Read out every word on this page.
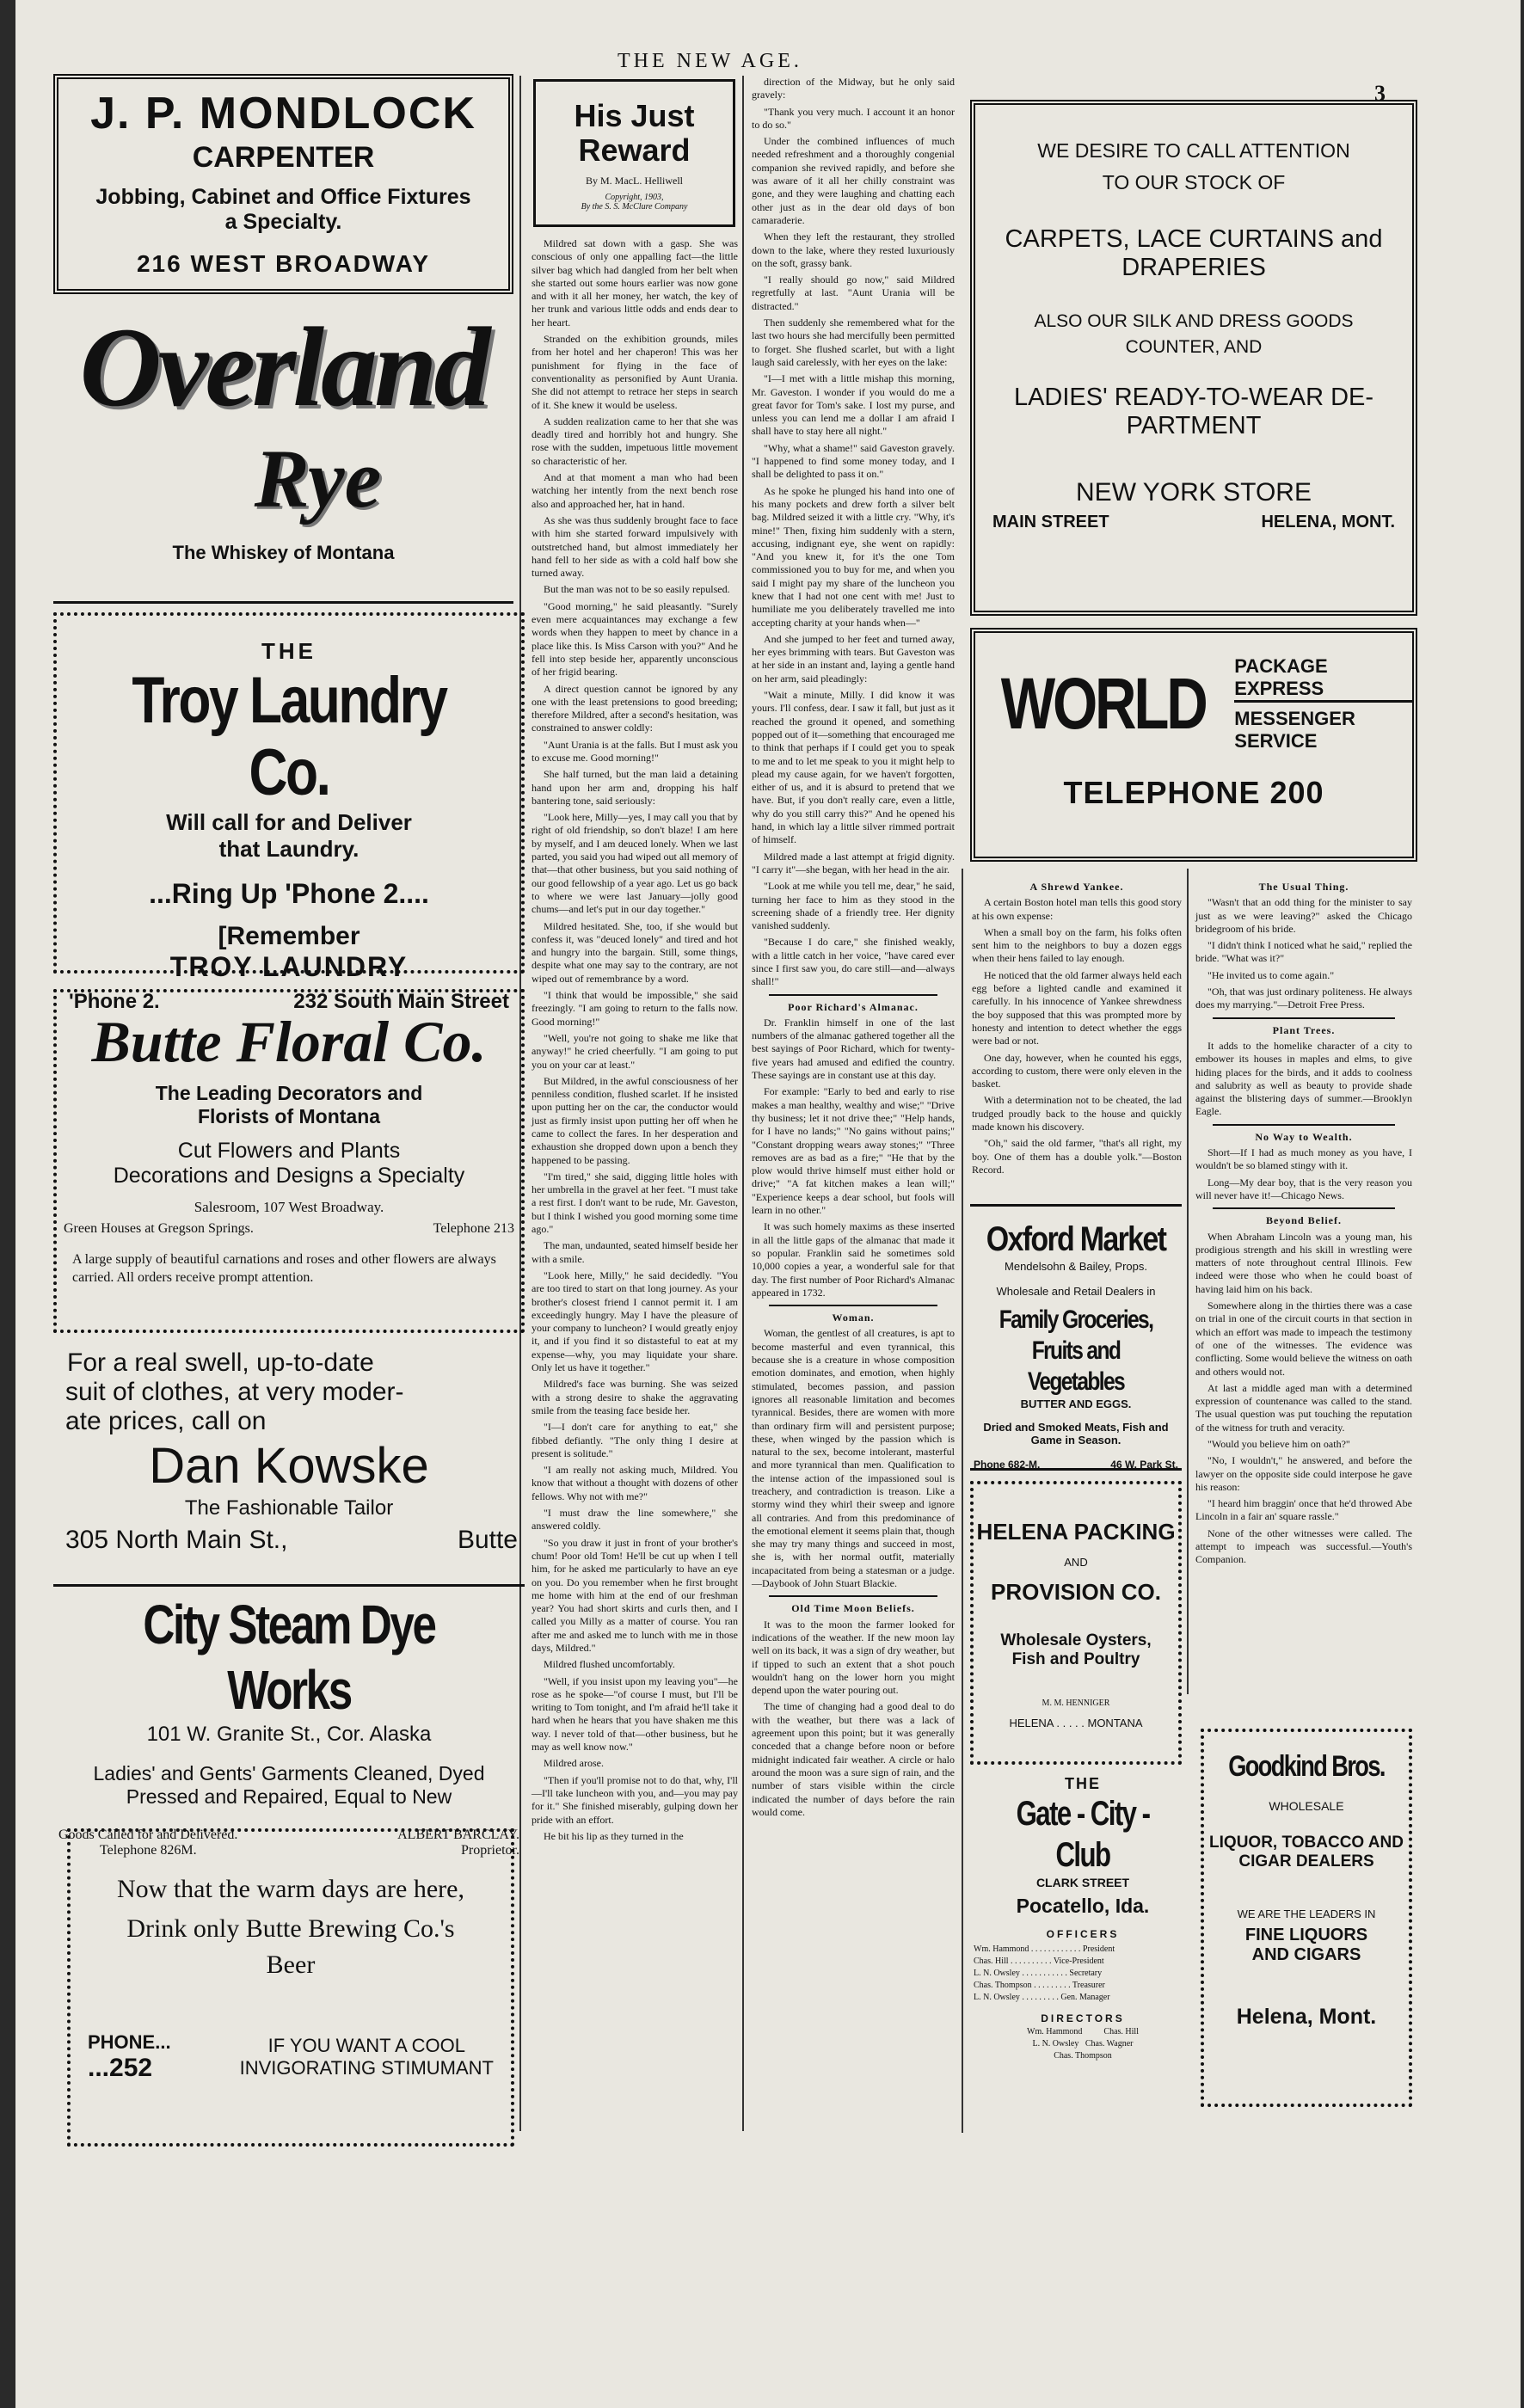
THE NEW AGE.
3
J. P. MONDLOCK
CARPENTER
Jobbing, Cabinet and Office Fixtures
a Specialty.
216 WEST BROADWAY
Overland
Rye
The Whiskey of Montana
THE
Troy Laundry Co.
Will call for and Deliver
that Laundry.
...Ring Up 'Phone 2....
[Remember
TROY LAUNDRY
'Phone 2.	232 South Main Street
Butte Floral Co.
The Leading Decorators and
Florists of Montana
Cut Flowers and Plants
Decorations and Designs a Specialty
Salesroom, 107 West Broadway.
Green Houses at Gregson Springs.	Telephone 213
A large supply of beautiful carnations and roses and other flowers are always carried. All orders receive prompt attention.
For a real swell, up-to-date
suit of clothes, at very moder-
ate prices, call on
Dan Kowske
The Fashionable Tailor
305 North Main St.,	Butte
City Steam Dye Works
101 W. Granite St., Cor. Alaska
Ladies' and Gents' Garments Cleaned, Dyed
Pressed and Repaired, Equal to New
Goods Called for and Delivered.
Telephone 826M.
ALBERT BARCLAY.
Proprietor.
Now that the warm days are here,
Drink only Butte Brewing Co.'s
Beer
PHONE...
...252
IF YOU WANT A COOL
INVIGORATING STIMUMANT
His Just
Reward
By M. MacL. Helliwell
Copyright, 1903,
By the S. S. McClure Company

Mildred sat down with a gasp. She was conscious of only one appalling fact—the little silver bag which had dangled from her belt when she started out some hours earlier was now gone and with it all her money, her watch, the key of her trunk and various little odds and ends dear to her heart.

Stranded on the exhibition grounds, miles from her hotel and her chaperon! This was her punishment for flying in the face of conventionality as personified by Aunt Urania. She did not attempt to retrace her steps in search of it. She knew it would be useless.

A sudden realization came to her that she was deadly tired and horribly hot and hungry. She rose with the sudden, impetuous little movement so characteristic of her.

And at that moment a man who had been watching her intently from the next bench rose also and approached her, hat in hand.

As she was thus suddenly brought face to face with him she started forward impulsively with outstretched hand, but almost immediately her hand fell to her side as with a cold half bow she turned away.

But the man was not to be so easily repulsed.

"Good morning," he said pleasantly. "Surely even mere acquaintances may exchange a few words when they happen to meet by chance in a place like this. Is Miss Carson with you?" And he fell into step beside her, apparently unconscious of her frigid bearing.

A direct question cannot be ignored by any one with the least pretensions to good breeding; therefore Mildred, after a second's hesitation, was constrained to answer coldly:

"Aunt Urania is at the falls. But I must ask you to excuse me. Good morning!"

She half turned, but the man laid a detaining hand upon her arm and, dropping his half bantering tone, said seriously:

"Look here, Milly—yes, I may call you that by right of old friendship, so don't blaze! I am here by myself, and I am deuced lonely. When we last parted, you said you had wiped out all memory of that—that other business, but you said nothing of our good fellowship of a year ago. Let us go back to where we were last January—jolly good chums—and let's put in our day together."

Mildred hesitated. She, too, if she would but confess it, was "deuced lonely" and tired and hot and hungry into the bargain. Still, some things, despite what one may say to the contrary, are not wiped out of remembrance by a word.

"I think that would be impossible," she said freezingly. "I am going to return to the falls now. Good morning!"

"Well, you're not going to shake me like that anyway!" he cried cheerfully. "I am going to put you on your car at least."

But Mildred, in the awful consciousness of her penniless condition, flushed scarlet. If he insisted upon putting her on the car, the conductor would just as firmly insist upon putting her off when he came to collect the fares. In her desperation and exhaustion she dropped down upon a bench they happened to be passing.

"I'm tired," she said, digging little holes with her umbrella in the gravel at her feet. "I must take a rest first. I don't want to be rude, Mr. Gaveston, but I think I wished you good morning some time ago."

The man, undaunted, seated himself beside her with a smile.

"Look here, Milly," he said decidedly. "You are too tired to start on that long journey. As your brother's closest friend I cannot permit it. I am exceedingly hungry. May I have the pleasure of your company to luncheon? I would greatly enjoy it, and if you find it so distasteful to eat at my expense—why, you may liquidate your share. Only let us have it together."

Mildred's face was burning. She was seized with a strong desire to shake the aggravating smile from the teasing face beside her.

"I—I don't care for anything to eat," she fibbed defiantly. "The only thing I desire at present is solitude."

"I am really not asking much, Mildred. You know that without a thought with dozens of other fellows. Why not with me?"

"I must draw the line somewhere," she answered coldly.

"So you draw it just in front of your brother's chum! Poor old Tom! He'll be cut up when I tell him, for he asked me particularly to have an eye on you. Do you remember when he first brought me home with him at the end of our freshman year? You had short skirts and curls then, and I called you Milly as a matter of course. You ran after me and asked me to lunch with me in those days, Mildred."

Mildred flushed uncomfortably.

"Well, if you insist upon my leaving you"—he rose as he spoke—"of course I must, but I'll be writing to Tom tonight, and I'm afraid he'll take it hard when he hears that you have shaken me this way. I never told of that—other business, but he may as well know now."

Mildred arose.

"Then if you'll promise not to do that, why, I'll—I'll take luncheon with you, and—you may pay for it." She finished miserably, gulping down her pride with an effort.

He bit his lip as they turned in the

direction of the Midway, but he only said gravely:

"Thank you very much. I account it an honor to do so."

Under the combined influences of much needed refreshment and a thoroughly congenial companion she revived rapidly, and before she was aware of it all her chilly constraint was gone, and they were laughing and chatting each other just as in the dear old days of bon camaraderie.

When they left the restaurant, they strolled down to the lake, where they rested luxuriously on the soft, grassy bank.

"I really should go now," said Mildred regretfully at last. "Aunt Urania will be distracted."

Then suddenly she remembered what for the last two hours she had mercifully been permitted to forget. She flushed scarlet, but with a light laugh said carelessly, with her eyes on the lake:

"I—I met with a little mishap this morning, Mr. Gaveston. I wonder if you would do me a great favor for Tom's sake. I lost my purse, and unless you can lend me a dollar I am afraid I shall have to stay here all night."

"Why, what a shame!" said Gaveston gravely. "I happened to find some money today, and I shall be delighted to pass it on."

As he spoke he plunged his hand into one of his many pockets and drew forth a silver belt bag. Mildred seized it with a little cry. "Why, it's mine!" Then, fixing him suddenly with a stern, accusing, indignant eye, she went on rapidly: "And you knew it, for it's the one Tom commissioned you to buy for me, and when you said I might pay my share of the luncheon you knew that I had not one cent with me! Just to humiliate me you deliberately travelled me into accepting charity at your hands when—"

And she jumped to her feet and turned away, her eyes brimming with tears. But Gaveston was at her side in an instant and, laying a gentle hand on her arm, said pleadingly:

"Wait a minute, Milly. I did know it was yours. I'll confess, dear. I saw it fall, but just as it reached the ground it opened, and something popped out of it—something that encouraged me to think that perhaps if I could get you to speak to me and to let me speak to you it might help to plead my cause again, for we haven't forgotten, either of us, and it is absurd to pretend that we have. But, if you don't really care, even a little, why do you still carry this?" And he opened his hand, in which lay a little silver rimmed portrait of himself.

Mildred made a last attempt at frigid dignity. "I carry it"—she began, with her head in the air.

"Look at me while you tell me, dear," he said, turning her face to him as they stood in the screening shade of a friendly tree. Her dignity vanished suddenly.

"Because I do care," she finished weakly, with a little catch in her voice, "have cared ever since I first saw you, do care still—and—always shall!"

Poor Richard's Almanac.

Dr. Franklin himself in one of the last numbers of the almanac gathered together all the best sayings of Poor Richard, which for twenty-five years had amused and edified the country. These sayings are in constant use at this day.

For example: "Early to bed and early to rise makes a man healthy, wealthy and wise;" "Drive thy business; let it not drive thee;" "Help hands, for I have no lands;" "No gains without pains;" "Constant dropping wears away stones;" "Three removes are as bad as a fire;" "He that by the plow would thrive himself must either hold or drive;" "A fat kitchen makes a lean will;" "Experience keeps a dear school, but fools will learn in no other."

It was such homely maxims as these inserted in all the little gaps of the almanac that made it so popular. Franklin said he sometimes sold 10,000 copies a year, a wonderful sale for that day. The first number of Poor Richard's Almanac appeared in 1732.

Woman.

Woman, the gentlest of all creatures, is apt to become masterful and even tyrannical, this because she is a creature in whose composition emotion dominates, and emotion, when highly stimulated, becomes passion, and passion ignores all reasonable limitation and becomes tyrannical. Besides, there are women with more than ordinary firm will and persistent purpose; these, when winged by the passion which is natural to the sex, become intolerant, masterful and more tyrannical than men. Qualification to the intense action of the impassioned soul is treachery, and contradiction is treason. Like a stormy wind they whirl their sweep and ignore all contraries. And from this predominance of the emotional element it seems plain that, though she may try many things and succeed in most, she is, with her normal outfit, materially incapacitated from being a statesman or a judge.—Daybook of John Stuart Blackie.

Old Time Moon Beliefs.

It was to the moon the farmer looked for indications of the weather. If the new moon lay well on its back, it was a sign of dry weather, but if tipped to such an extent that a shot pouch wouldn't hang on the lower horn you might depend upon the water pouring out.

The time of changing had a good deal to do with the weather, but there was a lack of agreement upon this point; but it was generally conceded that a change before noon or before midnight indicated fair weather. A circle or halo around the moon was a sure sign of rain, and the number of stars visible within the circle indicated the number of days before the rain would come.

WE DESIRE TO CALL ATTENTION
TO OUR STOCK OF
CARPETS, LACE CURTAINS and
DRAPERIES
ALSO OUR SILK AND DRESS GOODS
COUNTER, AND
LADIES' READY-TO-WEAR DE-
PARTMENT
NEW YORK STORE
MAIN STREET	HELENA, MONT.
WORLD PACKAGE EXPRESS
MESSENGER SERVICE
TELEPHONE 200
A Shrewd Yankee.

A certain Boston hotel man tells this good story at his own expense:

When a small boy on the farm, his folks often sent him to the neighbors to buy a dozen eggs when their hens failed to lay enough.

He noticed that the old farmer always held each egg before a lighted candle and examined it carefully. In his innocence of Yankee shrewdness the boy supposed that this was prompted more by honesty and intention to detect whether the eggs were bad or not.

One day, however, when he counted his eggs, according to custom, there were only eleven in the basket.

With a determination not to be cheated, the lad trudged proudly back to the house and quickly made known his discovery.

"Oh," said the old farmer, "that's all right, my boy. One of them has a double yolk."—Boston Record.

The Usual Thing.

"Wasn't that an odd thing for the minister to say just as we were leaving?" asked the Chicago bridegroom of his bride.

"I didn't think I noticed what he said," replied the bride. "What was it?"

"He invited us to come again."

"Oh, that was just ordinary politeness. He always does my marrying."—Detroit Free Press.

Plant Trees.

It adds to the homelike character of a city to embower its houses in maples and elms, to give hiding places for the birds, and it adds to coolness and salubrity as well as beauty to provide shade against the blistering days of summer.—Brooklyn Eagle.

No Way to Wealth.

Short—If I had as much money as you have, I wouldn't be so blamed stingy with it.

Long—My dear boy, that is the very reason you will never have it!—Chicago News.

Beyond Belief.

When Abraham Lincoln was a young man, his prodigious strength and his skill in wrestling were matters of note throughout central Illinois. Few indeed were those who when he could boast of having laid him on his back.

Somewhere along in the thirties there was a case on trial in one of the circuit courts in that section in which an effort was made to impeach the testimony of one of the witnesses. The evidence was conflicting. Some would believe the witness on oath and others would not.

At last a middle aged man with a determined expression of countenance was called to the stand. The usual question was put touching the reputation of the witness for truth and veracity.

"Would you believe him on oath?"

"No, I wouldn't," he answered, and before the lawyer on the opposite side could interpose he gave his reason:

"I heard him braggin' once that he'd throwed Abe Lincoln in a fair an' square rassle."

None of the other witnesses were called. The attempt to impeach was successful.—Youth's Companion.

Oxford Market
Mendelsohn & Bailey, Props.
Wholesale and Retail Dealers in
Family Groceries,
Fruits and Vegetables
BUTTER AND EGGS.
Dried and Smoked Meats, Fish and
Game in Season.
Phone 682-M.	46 W. Park St.
HELENA PACKING
AND
PROVISION CO.
Wholesale Oysters,
Fish and Poultry
M. M. HENNIGER
HELENA . . . . . MONTANA
THE
Gate - City - Club
CLARK STREET
Pocatello, Ida.
OFFICERS
Wm. Hammond . . . . . . . . . . . . President
Chas. Hill . . . . . . . . . . Vice-President
L. N. Owsley . . . . . . . . . . . Secretary
Chas. Thompson . . . . . . . . . Treasurer
L. N. Owsley . . . . . . . . . Gen. Manager
DIRECTORS
Wm. Hammond          Chas. Hill
L. N. Owsley   Chas. Wagner
Chas. Thompson
Goodkind Bros.
WHOLESALE
LIQUOR, TOBACCO AND
CIGAR DEALERS
WE ARE THE LEADERS IN
FINE LIQUORS
AND CIGARS
Helena, Mont.
